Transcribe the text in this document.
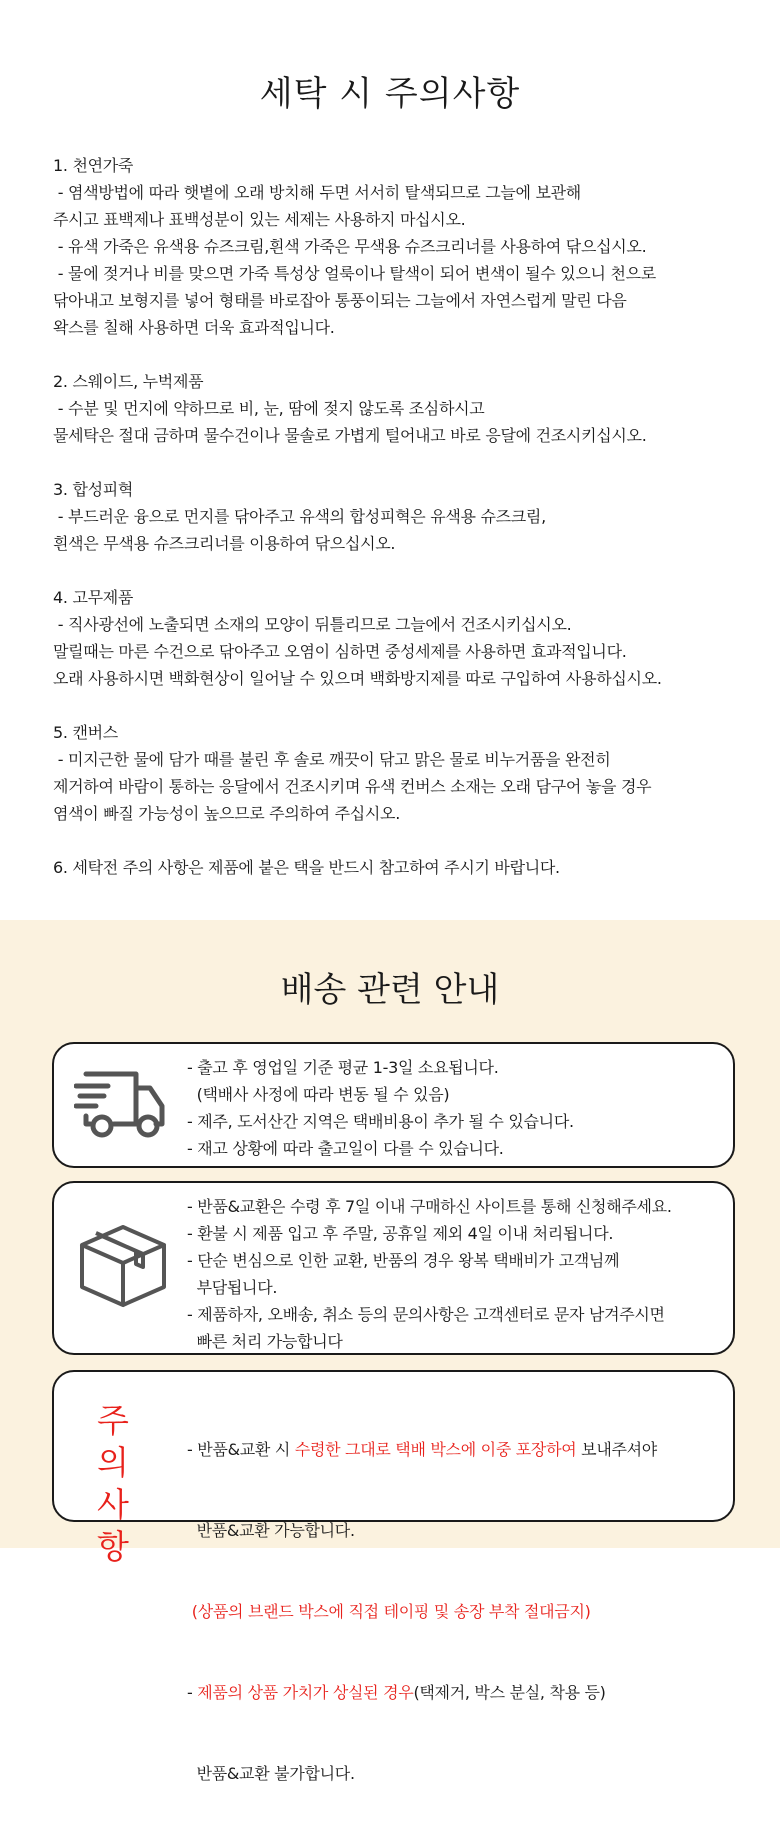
세탁 시 주의사항
1. 천연가죽
- 염색방법에 따라 햇볕에 오래 방치해 두면 서서히 탈색되므로 그늘에 보관해
주시고 표백제나 표백성분이 있는 세제는 사용하지 마십시오.
- 유색 가죽은 유색용 슈즈크림,흰색 가죽은 무색용 슈즈크리너를 사용하여 닦으십시오.
- 물에 젖거나 비를 맞으면 가죽 특성상 얼룩이나 탈색이 되어 변색이 될수 있으니 천으로
닦아내고 보형지를 넣어 형태를 바로잡아 통풍이되는 그늘에서 자연스럽게 말린 다음
왁스를 칠해 사용하면 더욱 효과적입니다.
2. 스웨이드, 누벅제품
- 수분 및 먼지에 약하므로 비, 눈, 땀에 젖지 않도록 조심하시고
물세탁은 절대 금하며 물수건이나 물솔로 가볍게 털어내고 바로 응달에 건조시키십시오.
3. 합성피혁
- 부드러운 융으로 먼지를 닦아주고 유색의 합성피혁은 유색용 슈즈크림,
흰색은 무색용 슈즈크리너를 이용하여 닦으십시오.
4. 고무제품
- 직사광선에 노출되면 소재의 모양이 뒤틀리므로 그늘에서 건조시키십시오.
말릴때는 마른 수건으로 닦아주고 오염이 심하면 중성세제를 사용하면 효과적입니다.
오래 사용하시면 백화현상이 일어날 수 있으며 백화방지제를 따로 구입하여 사용하십시오.
5. 캔버스
- 미지근한 물에 담가 때를 불린 후 솔로 깨끗이 닦고 맑은 물로 비누거품을 완전히
제거하여 바람이 통하는 응달에서 건조시키며 유색 컨버스 소재는 오래 담구어 놓을 경우
염색이 빠질 가능성이 높으므로 주의하여 주십시오.
6. 세탁전 주의 사항은 제품에 붙은 택을 반드시 참고하여 주시기 바랍니다.
배송 관련 안내
- 출고 후 영업일 기준 평균 1-3일 소요됩니다.
(택배사 사정에 따라 변동 될 수 있음)
- 제주, 도서산간 지역은 택배비용이 추가 될 수 있습니다.
- 재고 상황에 따라 출고일이 다를 수 있습니다.
- 반품&교환은 수령 후 7일 이내 구매하신 사이트를 통해 신청해주세요.
- 환불 시 제품 입고 후 주말, 공휴일 제외 4일 이내 처리됩니다.
- 단순 변심으로 인한 교환, 반품의 경우 왕복 택배비가 고객님께
부담됩니다.
- 제품하자, 오배송, 취소 등의 문의사항은 고객센터로 문자 남겨주시면
빠른 처리 가능합니다
주의
사항

- 반품&교환 시 수령한 그대로 택배 박스에 이중 포장하여 보내주셔야

반품&교환 가능합니다.

(상품의 브랜드 박스에 직접 테이핑 및 송장 부착 절대금지)

- 제품의 상품 가치가 상실된 경우(택제거, 박스 분실, 착용 등)

반품&교환 불가합니다.
